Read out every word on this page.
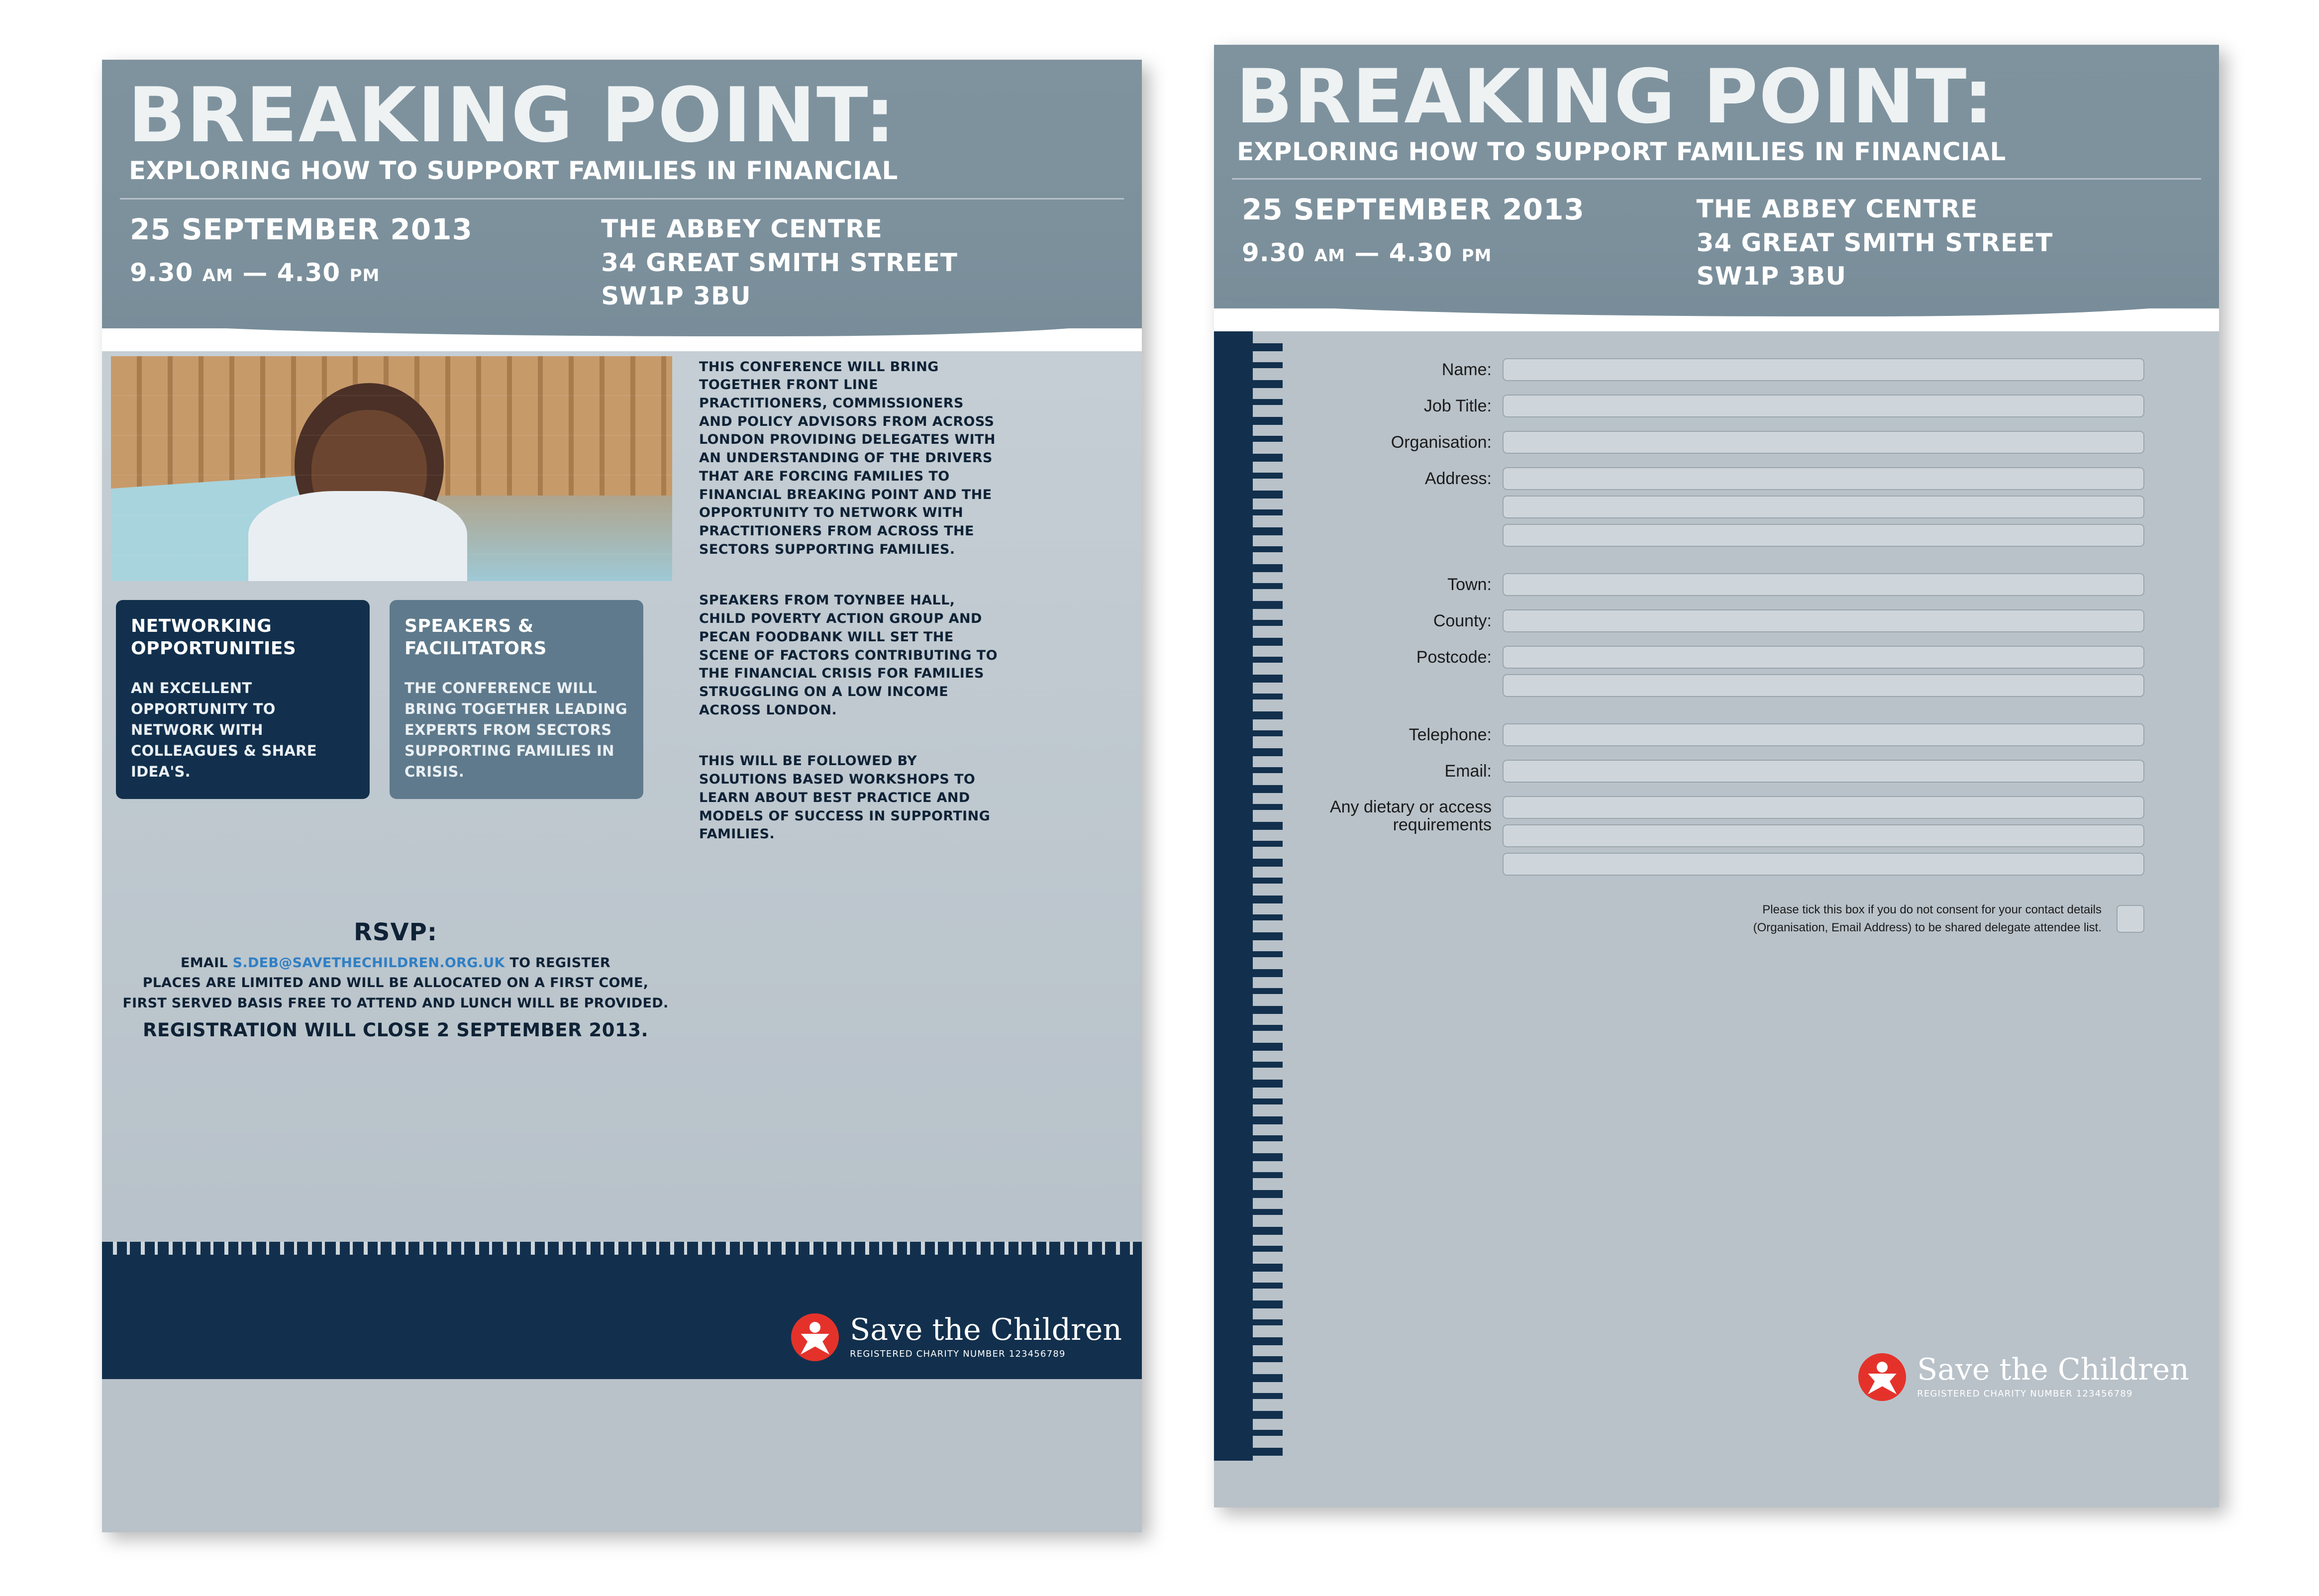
BREAKING POINT:
EXPLORING HOW TO SUPPORT FAMILIES IN FINANCIAL
25 SEPTEMBER 2013
9.30 AM — 4.30 PM
THE ABBEY CENTRE
34 GREAT SMITH STREET
SW1P 3BU

THIS CONFERENCE WILL BRING TOGETHER FRONT LINE PRACTITIONERS, COMMISSIONERS AND POLICY ADVISORS FROM ACROSS LONDON PROVIDING DELEGATES WITH AN UNDERSTANDING OF THE DRIVERS THAT ARE FORCING FAMILIES TO FINANCIAL BREAKING POINT AND THE OPPORTUNITY TO NETWORK WITH PRACTITIONERS FROM ACROSS THE SECTORS SUPPORTING FAMILIES.

SPEAKERS FROM TOYNBEE HALL, CHILD POVERTY ACTION GROUP AND PECAN FOODBANK WILL SET THE SCENE OF FACTORS CONTRIBUTING TO THE FINANCIAL CRISIS FOR FAMILIES STRUGGLING ON A LOW INCOME ACROSS LONDON.

THIS WILL BE FOLLOWED BY SOLUTIONS BASED WORKSHOPS TO LEARN ABOUT BEST PRACTICE AND MODELS OF SUCCESS IN SUPPORTING FAMILIES.

NETWORKING OPPORTUNITIES

AN EXCELLENT OPPORTUNITY TO NETWORK WITH COLLEAGUES & SHARE IDEA'S.

SPEAKERS & FACILITATORS

THE CONFERENCE WILL BRING TOGETHER LEADING EXPERTS FROM SECTORS SUPPORTING FAMILIES IN CRISIS.

RSVP:
EMAIL S.DEB@SAVETHECHILDREN.ORG.UK TO REGISTER
PLACES ARE LIMITED AND WILL BE ALLOCATED ON A FIRST COME,
FIRST SERVED BASIS FREE TO ATTEND AND LUNCH WILL BE PROVIDED.
REGISTRATION WILL CLOSE 2 SEPTEMBER 2013.
Save the Children
REGISTERED CHARITY NUMBER 123456789
BREAKING POINT:
EXPLORING HOW TO SUPPORT FAMILIES IN FINANCIAL
25 SEPTEMBER 2013
9.30 AM — 4.30 PM
THE ABBEY CENTRE
34 GREAT SMITH STREET
SW1P 3BU
Name:
Job Title:
Organisation:
Address:
Town:
County:
Postcode:
Telephone:
Email:
Any dietary or access requirements
Please tick this box if you do not consent for your contact details
(Organisation, Email Address) to be shared delegate attendee list.
Save the Children
REGISTERED CHARITY NUMBER 123456789
